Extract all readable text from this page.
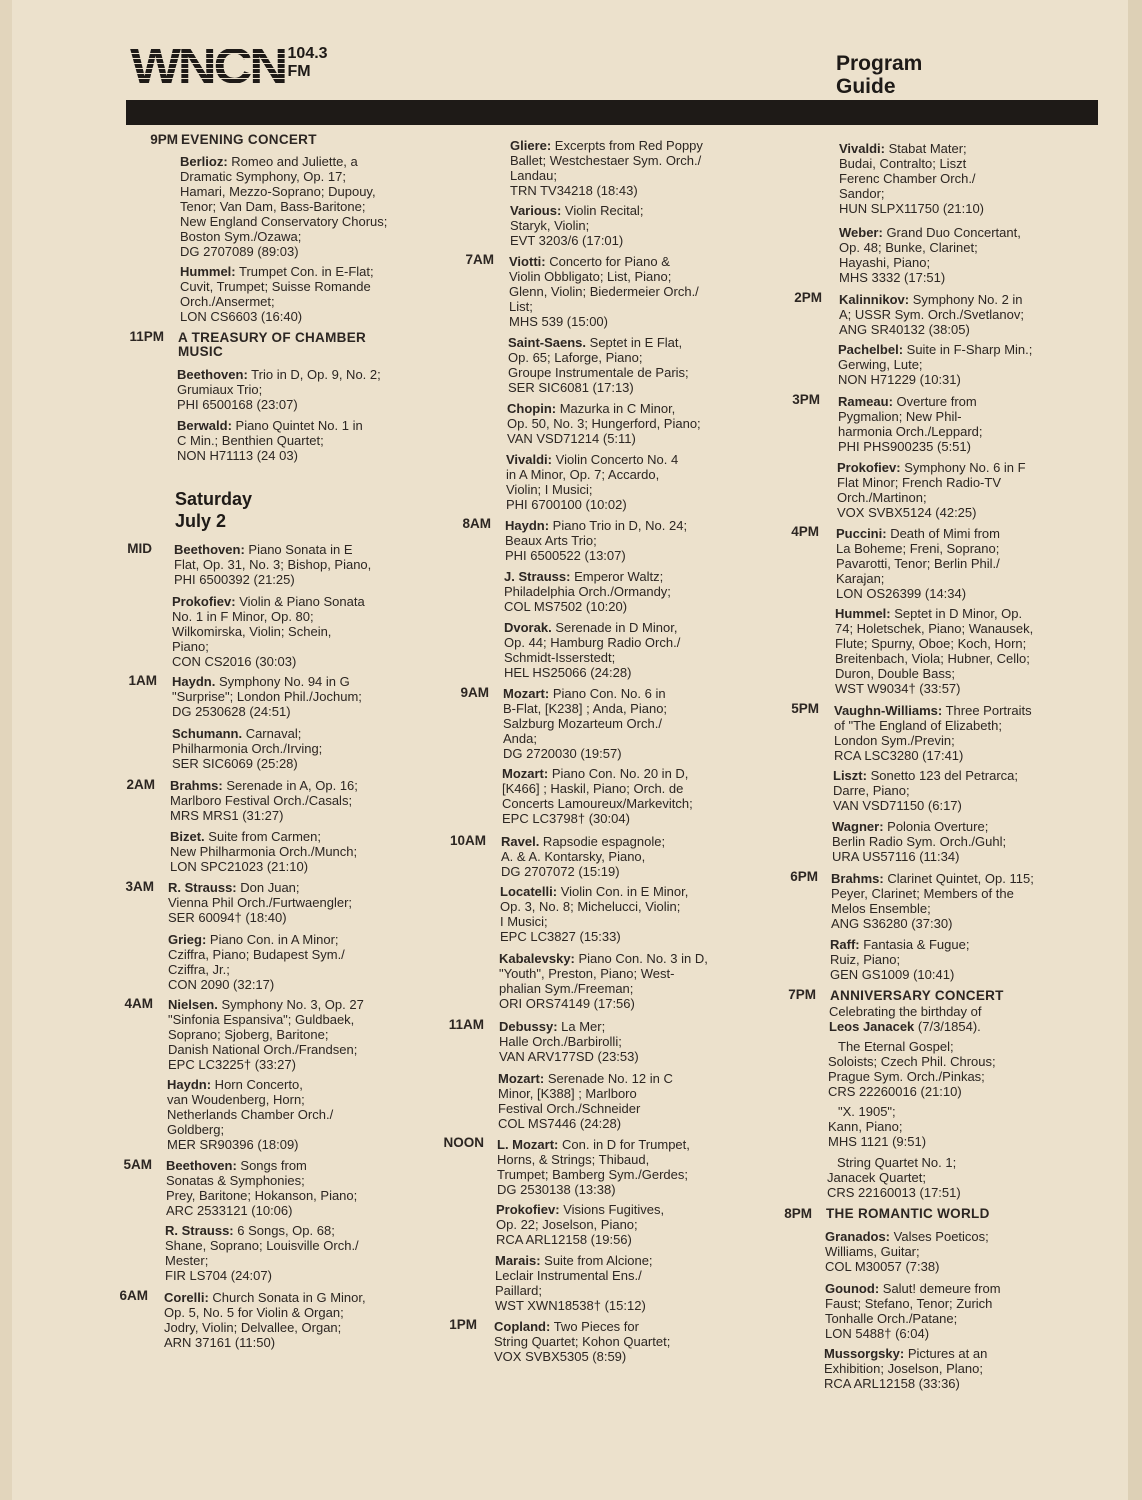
WNCN 104.3
FM	Program
Guide
9PM EVENING CONCERT
Berlioz: Romeo and Juliette, a
Dramatic Symphony, Op. 17;
Hamari, Mezzo-Soprano; Dupouy,
Tenor; Van Dam, Bass-Baritone;
New England Conservatory Chorus;
Boston Sym./Ozawa;
DG 2707089 (89:03)
Hummel: Trumpet Con. in E-Flat;
Cuvit, Trumpet; Suisse Romande
Orch./Ansermet;
LON CS6603 (16:40)
11PM A TREASURY OF CHAMBER
MUSIC
Beethoven: Trio in D, Op. 9, No. 2;
Grumiaux Trio;
PHI 6500168 (23:07)
Berwald: Piano Quintet No. 1 in
C Min.; Benthien Quartet;
NON H71113 (24 03)
Saturday
July 2
MID Beethoven: Piano Sonata in E
Flat, Op. 31, No. 3; Bishop, Piano,
PHI 6500392 (21:25)
Prokofiev: Violin & Piano Sonata
No. 1 in F Minor, Op. 80;
Wilkomirska, Violin; Schein,
Piano;
CON CS2016 (30:03)
1AM Haydn. Symphony No. 94 in G
"Surprise"; London Phil./Jochum;
DG 2530628 (24:51)
Schumann. Carnaval;
Philharmonia Orch./Irving;
SER SIC6069 (25:28)
2AM Brahms: Serenade in A, Op. 16;
Marlboro Festival Orch./Casals;
MRS MRS1 (31:27)
Bizet. Suite from Carmen;
New Philharmonia Orch./Munch;
LON SPC21023 (21:10)
3AM R. Strauss: Don Juan;
Vienna Phil Orch./Furtwaengler;
SER 60094† (18:40)
Grieg: Piano Con. in A Minor;
Cziffra, Piano; Budapest Sym./
Cziffra, Jr.;
CON 2090 (32:17)
4AM Nielsen. Symphony No. 3, Op. 27
"Sinfonia Espansiva"; Guldbaek,
Soprano; Sjoberg, Baritone;
Danish National Orch./Frandsen;
EPC LC3225† (33:27)
Haydn: Horn Concerto,
van Woudenberg, Horn;
Netherlands Chamber Orch./
Goldberg;
MER SR90396 (18:09)
5AM Beethoven: Songs from
Sonatas & Symphonies;
Prey, Baritone; Hokanson, Piano;
ARC 2533121 (10:06)
R. Strauss: 6 Songs, Op. 68;
Shane, Soprano; Louisville Orch./
Mester;
FIR LS704 (24:07)
6AM Corelli: Church Sonata in G Minor,
Op. 5, No. 5 for Violin & Organ;
Jodry, Violin; Delvallee, Organ;
ARN 37161 (11:50)
Gliere: Excerpts from Red Poppy
Ballet; Westchestaer Sym. Orch./
Landau;
TRN TV34218 (18:43)
Various: Violin Recital;
Staryk, Violin;
EVT 3203/6 (17:01)
7AM Viotti: Concerto for Piano &
Violin Obbligato; List, Piano;
Glenn, Violin; Biedermeier Orch./
List;
MHS 539 (15:00)
Saint-Saens. Septet in E Flat,
Op. 65; Laforge, Piano;
Groupe Instrumentale de Paris;
SER SIC6081 (17:13)
Chopin: Mazurka in C Minor,
Op. 50, No. 3; Hungerford, Piano;
VAN VSD71214 (5:11)
Vivaldi: Violin Concerto No. 4
in A Minor, Op. 7; Accardo,
Violin; I Musici;
PHI 6700100 (10:02)
8AM Haydn: Piano Trio in D, No. 24;
Beaux Arts Trio;
PHI 6500522 (13:07)
J. Strauss: Emperor Waltz;
Philadelphia Orch./Ormandy;
COL MS7502 (10:20)
Dvorak. Serenade in D Minor,
Op. 44; Hamburg Radio Orch./
Schmidt-Isserstedt;
HEL HS25066 (24:28)
9AM Mozart: Piano Con. No. 6 in
B-Flat, [K238] ; Anda, Piano;
Salzburg Mozarteum Orch./
Anda;
DG 2720030 (19:57)
Mozart: Piano Con. No. 20 in D,
[K466] ; Haskil, Piano; Orch. de
Concerts Lamoureux/Markevitch;
EPC LC3798† (30:04)
10AM Ravel. Rapsodie espagnole;
A. & A. Kontarsky, Piano,
DG 2707072 (15:19)
Locatelli: Violin Con. in E Minor,
Op. 3, No. 8; Michelucci, Violin;
I Musici;
EPC LC3827 (15:33)
Kabalevsky: Piano Con. No. 3 in D,
"Youth", Preston, Piano; West-
phalian Sym./Freeman;
ORI ORS74149 (17:56)
11AM Debussy: La Mer;
Halle Orch./Barbirolli;
VAN ARV177SD (23:53)
Mozart: Serenade No. 12 in C
Minor, [K388] ; Marlboro
Festival Orch./Schneider
COL MS7446 (24:28)
NOON L. Mozart: Con. in D for Trumpet,
Horns, & Strings; Thibaud,
Trumpet; Bamberg Sym./Gerdes;
DG 2530138 (13:38)
Prokofiev: Visions Fugitives,
Op. 22; Joselson, Piano;
RCA ARL12158 (19:56)
Marais: Suite from Alcione;
Leclair Instrumental Ens./
Paillard;
WST XWN18538† (15:12)
1PM Copland: Two Pieces for
String Quartet; Kohon Quartet;
VOX SVBX5305 (8:59)
Vivaldi: Stabat Mater;
Budai, Contralto; Liszt
Ferenc Chamber Orch./
Sandor;
HUN SLPX11750 (21:10)
Weber: Grand Duo Concertant,
Op. 48; Bunke, Clarinet;
Hayashi, Piano;
MHS 3332 (17:51)
2PM Kalinnikov: Symphony No. 2 in
A; USSR Sym. Orch./Svetlanov;
ANG SR40132 (38:05)
Pachelbel: Suite in F-Sharp Min.;
Gerwing, Lute;
NON H71229 (10:31)
3PM Rameau: Overture from
Pygmalion; New Phil-
harmonia Orch./Leppard;
PHI PHS900235 (5:51)
Prokofiev: Symphony No. 6 in F
Flat Minor; French Radio-TV
Orch./Martinon;
VOX SVBX5124 (42:25)
4PM Puccini: Death of Mimi from
La Boheme; Freni, Soprano;
Pavarotti, Tenor; Berlin Phil./
Karajan;
LON OS26399 (14:34)
Hummel: Septet in D Minor, Op.
74; Holetschek, Piano; Wanausek,
Flute; Spurny, Oboe; Koch, Horn;
Breitenbach, Viola; Hubner, Cello;
Duron, Double Bass;
WST W9034† (33:57)
5PM Vaughn-Williams: Three Portraits
of "The England of Elizabeth;
London Sym./Previn;
RCA LSC3280 (17:41)
Liszt: Sonetto 123 del Petrarca;
Darre, Piano;
VAN VSD71150 (6:17)
Wagner: Polonia Overture;
Berlin Radio Sym. Orch./Guhl;
URA US57116 (11:34)
6PM Brahms: Clarinet Quintet, Op. 115;
Peyer, Clarinet; Members of the
Melos Ensemble;
ANG S36280 (37:30)
Raff: Fantasia & Fugue;
Ruiz, Piano;
GEN GS1009 (10:41)
7PM ANNIVERSARY CONCERT
Celebrating the birthday of
Leos Janacek (7/3/1854).
The Eternal Gospel;
Soloists; Czech Phil. Chrous;
Prague Sym. Orch./Pinkas;
CRS 22260016 (21:10)
"X. 1905";
Kann, Piano;
MHS 1121 (9:51)
String Quartet No. 1;
Janacek Quartet;
CRS 22160013 (17:51)
8PM THE ROMANTIC WORLD
Granados: Valses Poeticos;
Williams, Guitar;
COL M30057 (7:38)
Gounod: Salut! demeure from
Faust; Stefano, Tenor; Zurich
Tonhalle Orch./Patane;
LON 5488† (6:04)
Mussorgsky: Pictures at an
Exhibition; Joselson, Plano;
RCA ARL12158 (33:36)
